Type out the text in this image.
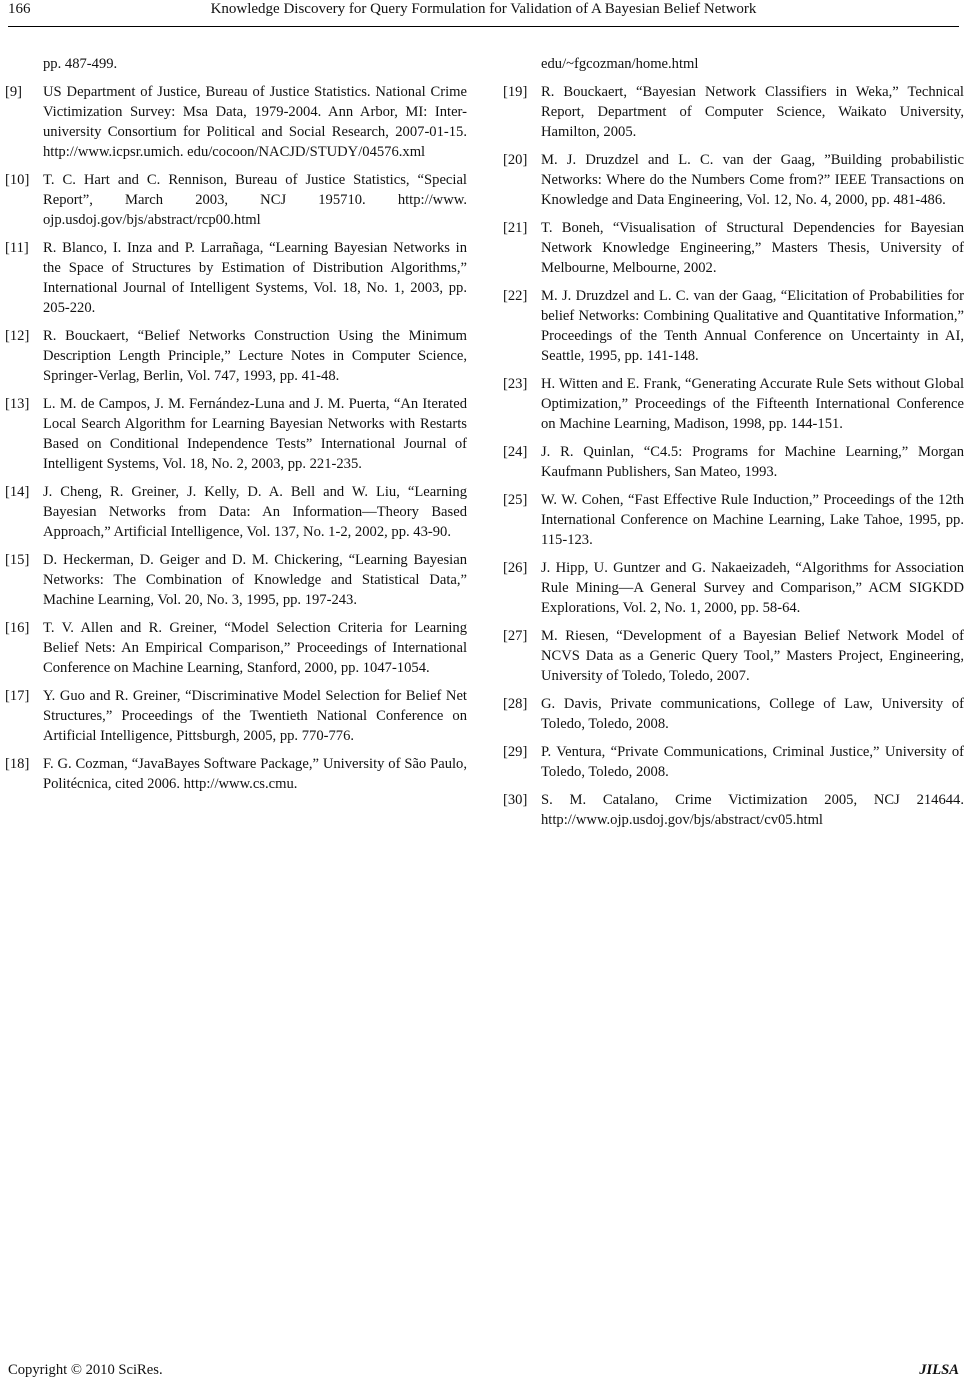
166	Knowledge Discovery for Query Formulation for Validation of A Bayesian Belief Network
pp. 487-499.
[9] US Department of Justice, Bureau of Justice Statistics. National Crime Victimization Survey: Msa Data, 1979-2004. Ann Arbor, MI: Inter-university Consortium for Political and Social Research, 2007-01-15. http://www.icpsr.umich. edu/cocoon/NACJD/STUDY/04576.xml
[10] T. C. Hart and C. Rennison, Bureau of Justice Statistics, “Special Report”, March 2003, NCJ 195710. http://www. ojp.usdoj.gov/bjs/abstract/rcp00.html
[11] R. Blanco, I. Inza and P. Larrañaga, “Learning Bayesian Networks in the Space of Structures by Estimation of Distribution Algorithms,” International Journal of Intelligent Systems, Vol. 18, No. 1, 2003, pp. 205-220.
[12] R. Bouckaert, “Belief Networks Construction Using the Minimum Description Length Principle,” Lecture Notes in Computer Science, Springer-Verlag, Berlin, Vol. 747, 1993, pp. 41-48.
[13] L. M. de Campos, J. M. Fernández-Luna and J. M. Puerta, “An Iterated Local Search Algorithm for Learning Bayesian Networks with Restarts Based on Conditional Independence Tests” International Journal of Intelligent Systems, Vol. 18, No. 2, 2003, pp. 221-235.
[14] J. Cheng, R. Greiner, J. Kelly, D. A. Bell and W. Liu, “Learning Bayesian Networks from Data: An Information—Theory Based Approach,” Artificial Intelligence, Vol. 137, No. 1-2, 2002, pp. 43-90.
[15] D. Heckerman, D. Geiger and D. M. Chickering, “Learning Bayesian Networks: The Combination of Knowledge and Statistical Data,” Machine Learning, Vol. 20, No. 3, 1995, pp. 197-243.
[16] T. V. Allen and R. Greiner, “Model Selection Criteria for Learning Belief Nets: An Empirical Comparison,” Proceedings of International Conference on Machine Learning, Stanford, 2000, pp. 1047-1054.
[17] Y. Guo and R. Greiner, “Discriminative Model Selection for Belief Net Structures,” Proceedings of the Twentieth National Conference on Artificial Intelligence, Pittsburgh, 2005, pp. 770-776.
[18] F. G. Cozman, “JavaBayes Software Package,” University of São Paulo, Politécnica, cited 2006. http://www.cs.cmu.
edu/~fgcozman/home.html
[19] R. Bouckaert, “Bayesian Network Classifiers in Weka,” Technical Report, Department of Computer Science, Waikato University, Hamilton, 2005.
[20] M. J. Druzdzel and L. C. van der Gaag, ”Building probabilistic Networks: Where do the Numbers Come from?” IEEE Transactions on Knowledge and Data Engineering, Vol. 12, No. 4, 2000, pp. 481-486.
[21] T. Boneh, “Visualisation of Structural Dependencies for Bayesian Network Knowledge Engineering,” Masters Thesis, University of Melbourne, Melbourne, 2002.
[22] M. J. Druzdzel and L. C. van der Gaag, “Elicitation of Probabilities for belief Networks: Combining Qualitative and Quantitative Information,” Proceedings of the Tenth Annual Conference on Uncertainty in AI, Seattle, 1995, pp. 141-148.
[23] H. Witten and E. Frank, “Generating Accurate Rule Sets without Global Optimization,” Proceedings of the Fifteenth International Conference on Machine Learning, Madison, 1998, pp. 144-151.
[24] J. R. Quinlan, “C4.5: Programs for Machine Learning,” Morgan Kaufmann Publishers, San Mateo, 1993.
[25] W. W. Cohen, “Fast Effective Rule Induction,” Proceedings of the 12th International Conference on Machine Learning, Lake Tahoe, 1995, pp. 115-123.
[26] J. Hipp, U. Guntzer and G. Nakaeizadeh, “Algorithms for Association Rule Mining—A General Survey and Comparison,” ACM SIGKDD Explorations, Vol. 2, No. 1, 2000, pp. 58-64.
[27] M. Riesen, “Development of a Bayesian Belief Network Model of NCVS Data as a Generic Query Tool,” Masters Project, Engineering, University of Toledo, Toledo, 2007.
[28] G. Davis, Private communications, College of Law, University of Toledo, Toledo, 2008.
[29] P. Ventura, “Private Communications, Criminal Justice,” University of Toledo, Toledo, 2008.
[30] S. M. Catalano, Crime Victimization 2005, NCJ 214644. http://www.ojp.usdoj.gov/bjs/abstract/cv05.html
Copyright © 2010 SciRes.	JILSA
